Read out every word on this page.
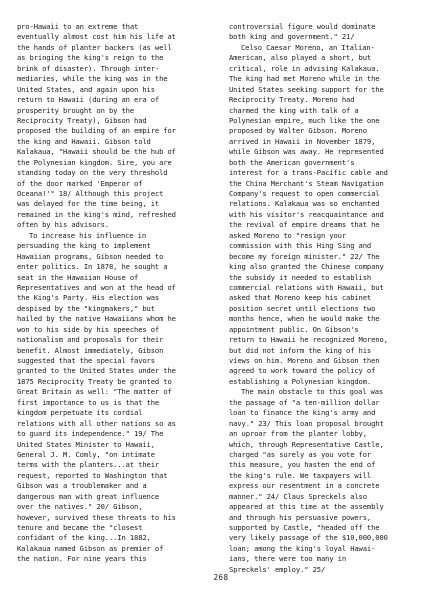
pro-Hawaii to an extreme that
eventually almost cost him his life at
the hands of planter backers (as well
as bringing the king's reign to the
brink of disaster). Through inter-
mediaries, while the king was in the
United States, and again upon his
return to Hawaii (during an era of
prosperity brought on by the
Reciprocity Treaty), Gibson had
proposed the building of an empire for
the king and Hawaii. Gibson told
Kalakaua, "Hawaii should be the hub of
the Polynesian kingdom. Sire, you are
standing today on the very threshold
of the door marked 'Emperor of
Oceana!'" 18/ Although this project
was delayed for the time being, it
remained in the king's mind, refreshed
often by his advisors.
To increase his influence in
persuading the king to implement
Hawaiian programs, Gibson needed to
enter politics. In 1878, he sought a
seat in the Hawaiian House of
Representatives and won at the head of
the King's Party. His election was
despised by the "kingmakers," but
hailed by the native Hawaiians whom he
won to his side by his speeches of
nationalism and proposals for their
benefit. Almost immediately, Gibson
suggested that the special favors
granted to the United States under the
1875 Reciprocity Treaty be granted to
Great Britain as well: "The matter of
first importance to us is that the
kingdom perpetuate its cordial
relations with all other nations so as
to guard its independence." 19/ The
United States Minister to Hawaii,
General J. M. Comly, "on intimate
terms with the planters...at their
request, reported to Washington that
Gibson was a troublemaker and a
dangerous man with great influence
over the natives." 20/ Gibson,
however, survived these threats to his
tenure and became the "closest
confidant of the king...In 1882,
Kalakaua named Gibson as premier of
the nation. For nine years this
controversial figure would dominate
both king and government." 21/
Celso Caesar Moreno, an Italian-
American, also played a short, but
critical, role in advising Kalakaua.
The king had met Moreno while in the
United States seeking support for the
Reciprocity Treaty. Moreno had
charmed the king with talk of a
Polynesian empire, much like the one
proposed by Walter Gibson. Moreno
arrived in Hawaii in November 1879,
while Gibson was away. He represented
both the American government's
interest for a trans-Pacific cable and
the China Merchant's Steam Navigation
Company's request to open commercial
relations. Kalakaua was so enchanted
with his visitor's reacquaintance and
the revival of empire dreams that he
asked Moreno to "resign your
commission with this Hing Sing and
become my foreign minister." 22/ The
king also granted the Chinese company
the subsidy it needed to establish
commercial relations with Hawaii, but
asked that Moreno keep his cabinet
position secret until elections two
months hence, when he would make the
appointment public. On Gibson's
return to Hawaii he recognized Moreno,
but did not inform the king of his
views on him. Moreno and Gibson then
agreed to work toward the policy of
establishing a Polynesian kingdom.
The main obstacle to this goal was
the passage of "a ten-million dollar
loan to finance the king's army and
navy." 23/ This loan proposal brought
an uproar from the planter lobby,
which, through Representative Castle,
charged "as surely as you vote for
this measure, you hasten the end of
the king's rule. We taxpayers will
express our resentment in a concrete
manner." 24/ Claus Spreckels also
appeared at this time at the assembly
and through his persuasive powers,
supported by Castle, "headed off the
very likely passage of the $10,000,000
loan; among the king's loyal Hawai-
ians, there were too many in
Spreckels' employ." 25/
268
